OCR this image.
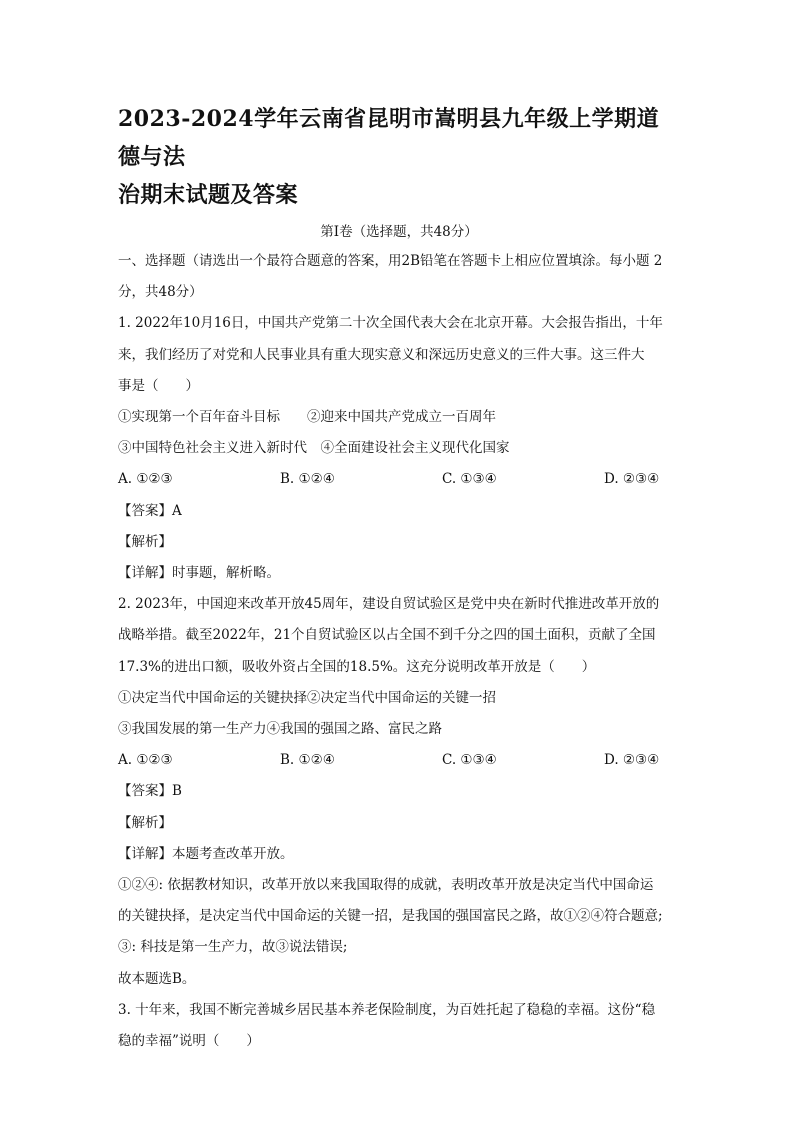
2023-2024学年云南省昆明市嵩明县九年级上学期道德与法
治期末试题及答案
第Ⅰ卷（选择题，共48分）

一、选择题（请选出一个最符合题意的答案，用2B铅笔在答题卡上相应位置填涂。每小题 2

分，共48分）

1. 2022年10月16日，中国共产党第二十次全国代表大会在北京开幕。大会报告指出，十年

来，我们经历了对党和人民事业具有重大现实意义和深远历史意义的三件大事。这三件大

事是（　　）

①实现第一个百年奋斗目标　　②迎来中国共产党成立一百周年

③中国特色社会主义进入新时代　④全面建设社会主义现代化国家

A. ①②③	B. ①②④	C. ①③④	D. ②③④

【答案】A

【解析】

【详解】时事题，解析略。

2. 2023年，中国迎来改革开放45周年，建设自贸试验区是党中央在新时代推进改革开放的

战略举措。截至2022年，21个自贸试验区以占全国不到千分之四的国土面积，贡献了全国

17.3%的进出口额，吸收外资占全国的18.5%。这充分说明改革开放是（　　）

①决定当代中国命运的关键抉择②决定当代中国命运的关键一招

③我国发展的第一生产力④我国的强国之路、富民之路

A. ①②③	B. ①②④	C. ①③④	D. ②③④

【答案】B

【解析】

【详解】本题考查改革开放。

①②④: 依据教材知识，改革开放以来我国取得的成就，表明改革开放是决定当代中国命运

的关键抉择，是决定当代中国命运的关键一招，是我国的强国富民之路，故①②④符合题意;

③: 科技是第一生产力，故③说法错误;

故本题选B。

3. 十年来，我国不断完善城乡居民基本养老保险制度，为百姓托起了稳稳的幸福。这份“稳

稳的幸福”说明（　　）
